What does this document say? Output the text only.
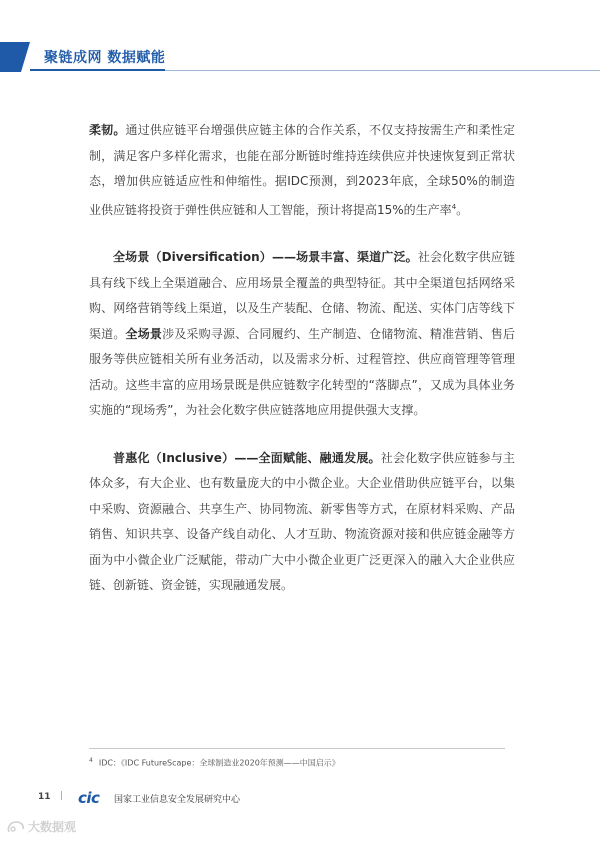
聚链成网 数据赋能

柔韧。通过供应链平台增强供应链主体的合作关系，不仅支持按需生产和柔性定制，满足客户多样化需求，也能在部分断链时维持连续供应并快速恢复到正常状态，增加供应链适应性和伸缩性。据IDC预测，到2023年底，全球50%的制造业供应链将投资于弹性供应链和人工智能，预计将提高15%的生产率$^4$。

全场景（Diversification）——场景丰富、渠道广泛。社会化数字供应链具有线下线上全渠道融合、应用场景全覆盖的典型特征。其中全渠道包括网络采购、网络营销等线上渠道，以及生产装配、仓储、物流、配送、实体门店等线下渠道。全场景涉及采购寻源、合同履约、生产制造、仓储物流、精准营销、售后服务等供应链相关所有业务活动，以及需求分析、过程管控、供应商管理等管理活动。这些丰富的应用场景既是供应链数字化转型的“落脚点”，又成为具体业务实施的“现场秀”，为社会化数字供应链落地应用提供强大支撑。

普惠化（Inclusive）——全面赋能、融通发展。社会化数字供应链参与主体众多，有大企业、也有数量庞大的中小微企业。大企业借助供应链平台，以集中采购、资源融合、共享生产、协同物流、新零售等方式，在原材料采购、产品销售、知识共享、设备产线自动化、人才互助、物流资源对接和供应链金融等方面为中小微企业广泛赋能，带动广大中小微企业更广泛更深入的融入大企业供应链、创新链、资金链，实现融通发展。

$^4$ IDC：《IDC FutureScape：全球制造业2020年预测——中国启示》
11 | cic 国家工业信息安全发展研究中心
大数据观
